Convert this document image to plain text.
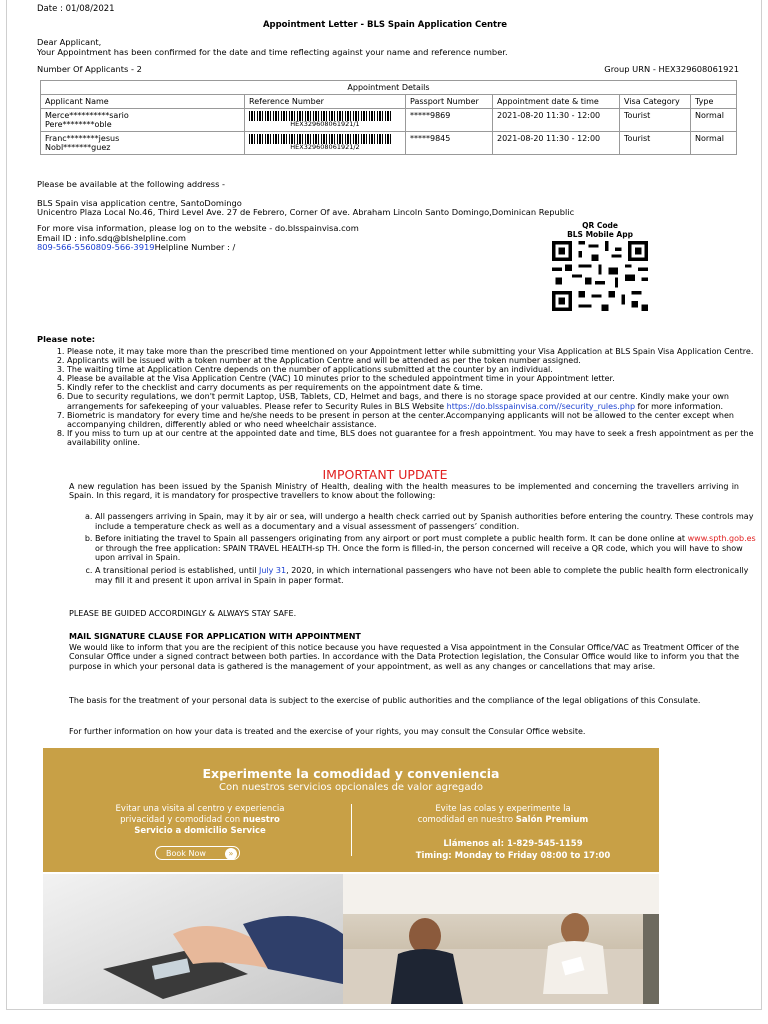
Date : 01/08/2021
Appointment Letter - BLS Spain Application Centre
Dear Applicant,
Your Appointment has been confirmed for the date and time reflecting against your name and reference number.
Number Of Applicants - 2	Group URN - HEX329608061921
Appointment Details					
Applicant Name	Reference Number	Passport Number	Appointment date & time	Visa Category	Type
Merce**********sario
Pere********oble	HEX329608061921/1	*****9869	2021-08-20 11:30 - 12:00	Tourist	Normal
Franc********jesus
Nobl*******guez	HEX329608061921/2	*****9845	2021-08-20 11:30 - 12:00	Tourist	Normal
Please be available at the following address -
BLS Spain visa application centre, SantoDomingo
Unicentro Plaza Local No.46, Third Level Ave. 27 de Febrero, Corner Of ave. Abraham Lincoln Santo Domingo,Dominican Republic
For more visa information, please log on to the website - do.blsspainvisa.com
Email ID : info.sdq@blshelpline.com
809-566-5560809-566-3919Helpline Number : /
QR Code
BLS Mobile App
Please note:
1. Please note, it may take more than the prescribed time mentioned on your Appointment letter while submitting your Visa Application at BLS Spain Visa Application Centre.
2. Applicants will be issued with a token number at the Application Centre and will be attended as per the token number assigned.
3. The waiting time at Application Centre depends on the number of applications submitted at the counter by an individual.
4. Please be available at the Visa Application Centre (VAC) 10 minutes prior to the scheduled appointment time in your Appointment letter.
5. Kindly refer to the checklist and carry documents as per requirements on the appointment date & time.
6. Due to security regulations, we don't permit Laptop, USB, Tablets, CD, Helmet and bags, and there is no storage space provided at our centre. Kindly make your own arrangements for safekeeping of your valuables. Please refer to Security Rules in BLS Website https://do.blsspainvisa.com//security_rules.php for more information.
7. Biometric is mandatory for every time and he/she needs to be present in person at the center.Accompanying applicants will not be allowed to the center except when accompanying children, differently abled or who need wheelchair assistance.
8. If you miss to turn up at our centre at the appointed date and time, BLS does not guarantee for a fresh appointment. You may have to seek a fresh appointment as per the availability online.
IMPORTANT UPDATE
A new regulation has been issued by the Spanish Ministry of Health, dealing with the health measures to be implemented and concerning the travellers arriving in Spain. In this regard, it is mandatory for prospective travellers to know about the following:
a. All passengers arriving in Spain, may it by air or sea, will undergo a health check carried out by Spanish authorities before entering the country. These controls may include a temperature check as well as a documentary and a visual assessment of passengers’ condition.
b. Before initiating the travel to Spain all passengers originating from any airport or port must complete a public health form. It can be done online at www.spth.gob.es or through the free application: SPAIN TRAVEL HEALTH-sp TH. Once the form is filled-in, the person concerned will receive a QR code, which you will have to show upon arrival in Spain.
c. A transitional period is established, until July 31, 2020, in which international passengers who have not been able to complete the public health form electronically may fill it and present it upon arrival in Spain in paper format.
PLEASE BE GUIDED ACCORDINGLY & ALWAYS STAY SAFE.
MAIL SIGNATURE CLAUSE FOR APPLICATION WITH APPOINTMENT
We would like to inform that you are the recipient of this notice because you have requested a Visa appointment in the Consular Office/VAC as Treatment Officer of the Consular Office under a signed contract between both parties. In accordance with the Data Protection legislation, the Consular Office would like to inform you that the purpose in which your personal data is gathered is the management of your appointment, as well as any changes or cancellations that may arise.
The basis for the treatment of your personal data is subject to the exercise of public authorities and the compliance of the legal obligations of this Consulate.
For further information on how your data is treated and the exercise of your rights, you may consult the Consular Office website.
Experimente la comodidad y conveniencia
Con nuestros servicios opcionales de valor agregado
Evitar una visita al centro y experiencia
privacidad y comodidad con nuestro
Servicio a domicilio Service
Evite las colas y experimente la
comodidad en nuestro Salón Premium
Book Now	»
Llámenos al: 1-829-545-1159
Timing: Monday to Friday 08:00 to 17:00
